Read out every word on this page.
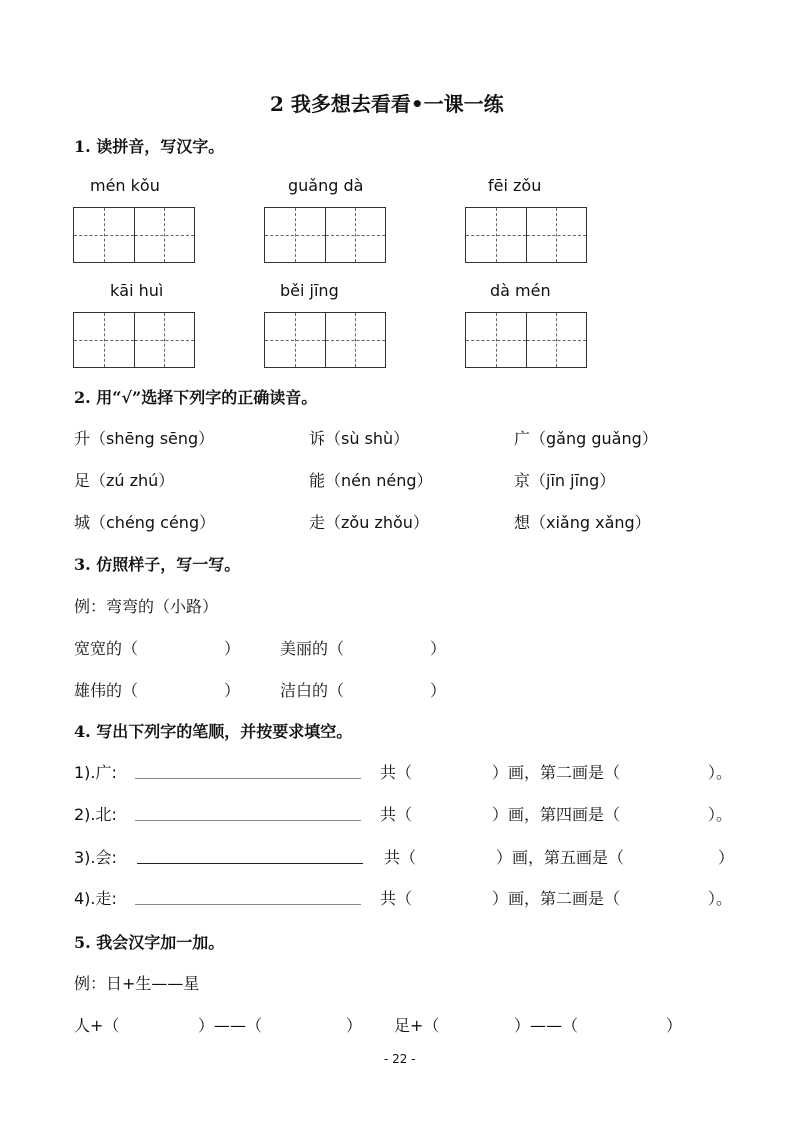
2 我多想去看看•一课一练
1. 读拼音，写汉字。
mén kǒu	guǎng dà	fēi zǒu
kāi huì	běi jīng	dà mén
2. 用“√”选择下列字的正确读音。
升（shēng sēng）	诉（sù shù）	广（gǎng guǎng）
足（zú zhú）	能（nén néng）	京（jīn jīng）
城（chéng céng）	走（zǒu zhǒu）	想（xiǎng xǎng）
3. 仿照样子，写一写。
例：弯弯的（小路）
宽宽的（	） 美丽的（	）
雄伟的（	） 洁白的（	）
4. 写出下列字的笔顺，并按要求填空。
1).广:	共（	）画，第二画是（	）。
2).北:	共（	）画，第四画是（	）。
3).会:	共（	）画，第五画是（	）
4).走:	共（	）画，第二画是（	）。
5. 我会汉字加一加。
例：日+生——星
人+（	）——（	） 足+（	）——（	）
- 22 -
